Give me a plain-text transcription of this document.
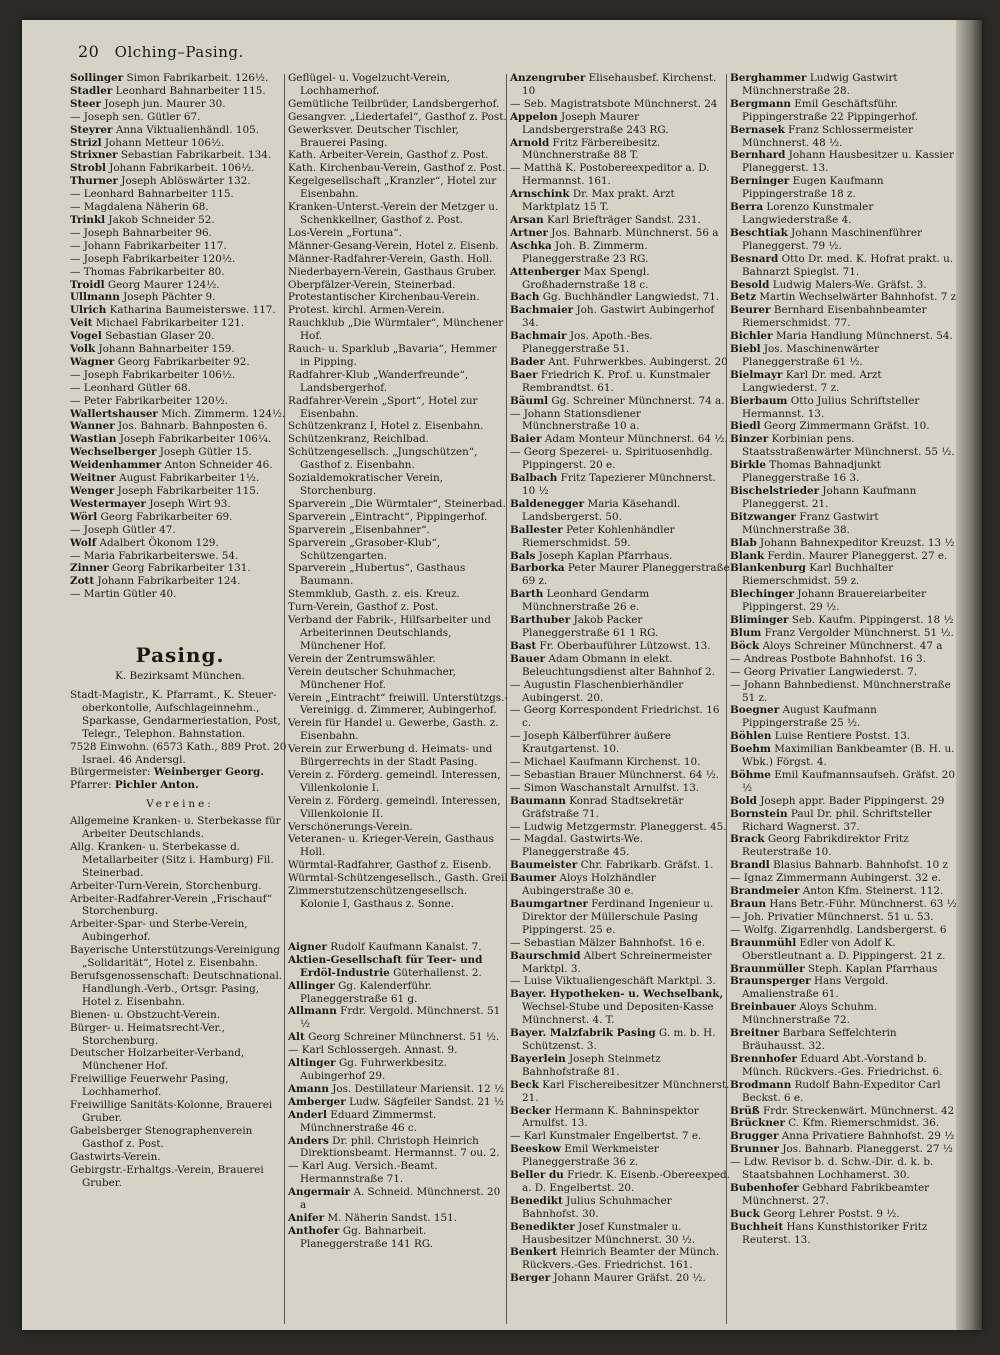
20 Olching–Pasing.

Sollinger Simon Fabrikarbeit. 126½.

Stadler Leonhard Bahnarbeiter 115.

Steer Joseph jun. Maurer 30.

— Joseph sen. Gütler 67.

Steyrer Anna Viktualienhändl. 105.

Strizl Johann Metteur 106½.

Strixner Sebastian Fabrikarbeit. 134.

Strobl Johann Fabrikarbeit. 106½.

Thurner Joseph Ablöswärter 132.

— Leonhard Bahnarbeiter 115.

— Magdalena Näherin 68.

Trinkl Jakob Schneider 52.

— Joseph Bahnarbeiter 96.

— Johann Fabrikarbeiter 117.

— Joseph Fabrikarbeiter 120½.

— Thomas Fabrikarbeiter 80.

Troidl Georg Maurer 124½.

Ullmann Joseph Pächter 9.

Ulrich Katharina Baumeisterswe. 117.

Veit Michael Fabrikarbeiter 121.

Vogel Sebastian Glaser 20.

Volk Johann Bahnarbeiter 159.

Wagner Georg Fabrikarbeiter 92.

— Joseph Fabrikarbeiter 106½.

— Leonhard Gütler 68.

— Peter Fabrikarbeiter 120½.

Wallertshauser Mich. Zimmerm. 124½.

Wanner Jos. Bahnarb. Bahnposten 6.

Wastian Joseph Fabrikarbeiter 106¼.

Wechselberger Joseph Gütler 15.

Weidenhammer Anton Schneider 46.

Weitner August Fabrikarbeiter 1½.

Wenger Joseph Fabrikarbeiter 115.

Westermayer Joseph Wirt 93.

Wörl Georg Fabrikarbeiter 69.

— Joseph Gütler 47.

Wolf Adalbert Ökonom 129.

— Maria Fabrikarbeiterswe. 54.

Zinner Georg Fabrikarbeiter 131.

Zott Johann Fabrikarbeiter 124.

— Martin Gütler 40.

Pasing.

K. Bezirksamt München.

Stadt-Magistr., K. Pfarramt., K. Steuer-oberkontolle, Aufschlageinnehm., Sparkasse, Gendarmeriestation, Post, Telegr., Telephon. Bahnstation.

7528 Einwohn. (6573 Kath., 889 Prot. 20 Israel. 46 Andersgl.

Bürgermeister: Weinberger Georg.

Pfarrer: Pichler Anton.

Vereine:

Allgemeine Kranken- u. Sterbekasse für Arbeiter Deutschlands.

Allg. Kranken- u. Sterbekasse d. Metallarbeiter (Sitz i. Hamburg) Fil. Steinerbad.

Arbeiter-Turn-Verein, Storchenburg.

Arbeiter-Radfahrer-Verein „Frischauf“ Storchenburg.

Arbeiter-Spar- und Sterbe-Verein, Aubingerhof.

Bayerische Unterstützungs-Vereinigung „Solidarität“, Hotel z. Eisenbahn.

Berufsgenossenschaft: Deutschnational. Handlungh.-Verb., Ortsgr. Pasing, Hotel z. Eisenbahn.

Bienen- u. Obstzucht-Verein.

Bürger- u. Heimatsrecht-Ver., Storchenburg.

Deutscher Holzarbeiter-Verband, Münchener Hof.

Freiwillige Feuerwehr Pasing, Lochhamerhof.

Freiwillige Sanitäts-Kolonne, Brauerei Gruber.

Gabelsberger Stenographenverein Gasthof z. Post.

Gastwirts-Verein.

Gebirgstr.-Erhaltgs.-Verein, Brauerei Gruber.

Geflügel- u. Vogelzucht-Verein, Lochhamerhof.

Gemütliche Teilbrüder, Landsbergerhof.

Gesangver. „Liedertafel“, Gasthof z. Post.

Gewerksver. Deutscher Tischler, Brauerei Pasing.

Kath. Arbeiter-Verein, Gasthof z. Post.

Kath. Kirchenbau-Verein, Gasthof z. Post.

Kegelgesellschaft „Kranzler“, Hotel zur Eisenbahn.

Kranken-Unterst.-Verein der Metzger u. Schenkkellner, Gasthof z. Post.

Los-Verein „Fortuna“.

Männer-Gesang-Verein, Hotel z. Eisenb.

Männer-Radfahrer-Verein, Gasth. Holl.

Niederbayern-Verein, Gasthaus Gruber.

Oberpfälzer-Verein, Steinerbad.

Protestantischer Kirchenbau-Verein.

Protest. kirchl. Armen-Verein.

Rauchklub „Die Würmtaler“, Münchener Hof.

Rauch- u. Sparklub „Bavaria“, Hemmer in Pipping.

Radfahrer-Klub „Wanderfreunde“, Landsbergerhof.

Radfahrer-Verein „Sport“, Hotel zur Eisenbahn.

Schützenkranz I, Hotel z. Eisenbahn.

Schützenkranz, Reichlbad.

Schützengesellsch. „Jungschützen“, Gasthof z. Eisenbahn.

Sozialdemokratischer Verein, Storchenburg.

Sparverein „Die Würmtaler“, Steinerbad.

Sparverein „Eintracht“, Pippingerhof.

Sparverein „Eisenbahner“.

Sparverein „Grasober-Klub“, Schützengarten.

Sparverein „Hubertus“, Gasthaus Baumann.

Stemmklub, Gasth. z. eis. Kreuz.

Turn-Verein, Gasthof z. Post.

Verband der Fabrik-, Hilfsarbeiter und Arbeiterinnen Deutschlands, Münchener Hof.

Verein der Zentrumswähler.

Verein deutscher Schuhmacher, Münchener Hof.

Verein „Eintracht“ freiwill. Unterstützgs.-Vereinigg. d. Zimmerer, Aubingerhof.

Verein für Handel u. Gewerbe, Gasth. z. Eisenbahn.

Verein zur Erwerbung d. Heimats- und Bürgerrechts in der Stadt Pasing.

Verein z. Förderg. gemeindl. Interessen, Villenkolonie I.

Verein z. Förderg. gemeindl. Interessen, Villenkolonie II.

Verschönerungs-Verein.

Veteranen- u. Krieger-Verein, Gasthaus Holl.

Würmtal-Radfahrer, Gasthof z. Eisenb.

Würmtal-Schützengesellsch., Gasth. Greil

Zimmerstutzenschützengesellsch. Kolonie I, Gasthaus z. Sonne.

Aigner Rudolf Kaufmann Kanalst. 7.

Aktien-Gesellschaft für Teer- und Erdöl-Industrie Güterhallenst. 2.

Allinger Gg. Kalenderführ. Planeggerstraße 61 g.

Allmann Frdr. Vergold. Münchnerst. 51 ½

Alt Georg Schreiner Münchnerst. 51 ½.

— Karl Schlossergeh. Annast. 9.

Altinger Gg. Fuhrwerkbesitz. Aubingerhof 29.

Amann Jos. Destillateur Mariensit. 12 ½

Amberger Ludw. Sägfeiler Sandst. 21 ½

Anderl Eduard Zimmermst. Münchnerstraße 46 c.

Anders Dr. phil. Christoph Heinrich Direktionsbeamt. Hermannst. 7 ou. 2.

— Karl Aug. Versich.-Beamt. Hermannstraße 71.

Angermair A. Schneid. Münchnerst. 20 a

Anifer M. Näherin Sandst. 151.

Anthofer Gg. Bahnarbeit. Planeggerstraße 141 RG.

Anzengruber Elisehausbef. Kirchenst. 10

— Seb. Magistratsbote Münchnerst. 24

Appelon Joseph Maurer Landsbergerstraße 243 RG.

Arnold Fritz Färbereibesitz. Münchnerstraße 88 T.

— Matthä K. Postobereexpeditor a. D. Hermannst. 161.

Arnschink Dr. Max prakt. Arzt Marktplatz 15 T.

Arsan Karl Briefträger Sandst. 231.

Artner Jos. Bahnarb. Münchnerst. 56 a

Aschka Joh. B. Zimmerm. Planeggerstraße 23 RG.

Attenberger Max Spengl. Großhadernstraße 18 c.

Bach Gg. Buchhändler Langwiedst. 71.

Bachmaier Joh. Gastwirt Aubingerhof 34.

Bachmair Jos. Apoth.-Bes. Planeggerstraße 51.

Bader Ant. Fuhrwerkbes. Aubingerst. 20

Baer Friedrich K. Prof. u. Kunstmaler Rembrandtst. 61.

Bäuml Gg. Schreiner Münchnerst. 74 a.

— Johann Stationsdiener Münchnerstraße 10 a.

Baier Adam Monteur Münchnerst. 64 ½.

— Georg Spezerei- u. Spirituosenhdlg. Pippingerst. 20 e.

Balbach Fritz Tapezierer Münchnerst. 10 ½

Baldenegger Maria Käsehandl. Landsbergerst. 50.

Ballester Peter Kohlenhändler Riemerschmidst. 59.

Bals Joseph Kaplan Pfarrhaus.

Barborka Peter Maurer Planeggerstraße 69 z.

Barth Leonhard Gendarm Münchnerstraße 26 e.

Barthuber Jakob Packer Planeggerstraße 61 1 RG.

Bast Fr. Oberbauführer Lützowst. 13.

Bauer Adam Obmann in elekt. Beleuchtungsdienst alter Bahnhof 2.

— Augustin Flaschenbierhändler Aubingerst. 20.

— Georg Korrespondent Friedrichst. 16 c.

— Joseph Kälberführer äußere Krautgartenst. 10.

— Michael Kaufmann Kirchenst. 10.

— Sebastian Brauer Münchnerst. 64 ½.

— Simon Waschanstalt Arnulfst. 13.

Baumann Konrad Stadtsekretär Gräfstraße 71.

— Ludwig Metzgermstr. Planeggerst. 45.

— Magdal. Gastwirts-We. Planeggerstraße 45.

Baumeister Chr. Fabrikarb. Gräfst. 1.

Baumer Aloys Holzhändler Aubingerstraße 30 e.

Baumgartner Ferdinand Ingenieur u. Direktor der Müllerschule Pasing Pippingerst. 25 e.

— Sebastian Mälzer Bahnhofst. 16 e.

Baurschmid Albert Schreinermeister Marktpl. 3.

— Luise Viktualiengeschäft Marktpl. 3.

Bayer. Hypotheken- u. Wechselbank, Wechsel-Stube und Depositen-Kasse Münchnerst. 4. T.

Bayer. Malzfabrik Pasing G. m. b. H. Schützenst. 3.

Bayerlein Joseph Steinmetz Bahnhofstraße 81.

Beck Karl Fischereibesitzer Münchnerst. 21.

Becker Hermann K. Bahninspektor Arnulfst. 13.

— Karl Kunstmaler Engelbertst. 7 e.

Beeskow Emil Werkmeister Planeggerstraße 36 z.

Beller du Friedr. K. Eisenb.-Obereexped. a. D. Engelbertst. 20.

Benedikt Julius Schuhmacher Bahnhofst. 30.

Benedikter Josef Kunstmaler u. Hausbesitzer Münchnerst. 30 ½.

Benkert Heinrich Beamter der Münch. Rückvers.-Ges. Friedrichst. 161.

Berger Johann Maurer Gräfst. 20 ½.

Berghammer Ludwig Gastwirt Münchnerstraße 28.

Bergmann Emil Geschäftsführ. Pippingerstraße 22 Pippingerhof.

Bernasek Franz Schlossermeister Münchnerst. 48 ½.

Bernhard Johann Hausbesitzer u. Kassier Planeggerst. 13.

Berninger Eugen Kaufmann Pippingerstraße 18 z.

Berra Lorenzo Kunstmaler Langwiederstraße 4.

Beschtiak Johann Maschinenführer Planeggerst. 79 ½.

Besnard Otto Dr. med. K. Hofrat prakt. u. Bahnarzt Spieglst. 71.

Besold Ludwig Malers-We. Gräfst. 3.

Betz Martin Wechselwärter Bahnhofst. 7 z

Beurer Bernhard Eisenbahnbeamter Riemerschmidst. 77.

Bichler Maria Handlung Münchnerst. 54.

Biebl Jos. Maschinenwärter Planeggerstraße 61 ½.

Bielmayr Karl Dr. med. Arzt Langwiederst. 7 z.

Bierbaum Otto Julius Schriftsteller Hermannst. 13.

Biedl Georg Zimmermann Gräfst. 10.

Binzer Korbinian pens. Staatsstraßenwärter Münchnerst. 55 ½.

Birkle Thomas Bahnadjunkt Planeggerstraße 16 3.

Bischelstrieder Johann Kaufmann Planeggerst. 21.

Bitzwanger Franz Gastwirt Münchnerstraße 38.

Blab Johann Bahnexpeditor Kreuzst. 13 ½

Blank Ferdin. Maurer Planeggerst. 27 e.

Blankenburg Karl Buchhalter Riemerschmidst. 59 z.

Blechinger Johann Brauereiarbeiter Pippingerst. 29 ½.

Bliminger Seb. Kaufm. Pippingerst. 18 ½

Blum Franz Vergolder Münchnerst. 51 ½.

Böck Aloys Schreiner Münchnerst. 47 a

— Andreas Postbote Bahnhofst. 16 3.

— Georg Privatier Langwiederst. 7.

— Johann Bahnbedienst. Münchnerstraße 51 z.

Boegner August Kaufmann Pippingerstraße 25 ½.

Böhlen Luise Rentiere Postst. 13.

Boehm Maximilian Bankbeamter (B. H. u. Wbk.) Förgst. 4.

Böhme Emil Kaufmannsaufseh. Gräfst. 20 ½

Bold Joseph appr. Bader Pippingerst. 29

Bornstein Paul Dr. phil. Schriftsteller Richard Wagnerst. 37.

Brack Georg Fabrikdirektor Fritz Reuterstraße 10.

Brandl Blasius Bahnarb. Bahnhofst. 10 z

— Ignaz Zimmermann Aubingerst. 32 e.

Brandmeier Anton Kfm. Steinerst. 112.

Braun Hans Betr.-Führ. Münchnerst. 63 ½

— Joh. Privatier Münchnerst. 51 u. 53.

— Wolfg. Zigarrenhdlg. Landsbergerst. 6

Braunmühl Edler von Adolf K. Oberstleutnant a. D. Pippingerst. 21 z.

Braunmüller Steph. Kaplan Pfarrhaus

Braunsperger Hans Vergold. Amalienstraße 61.

Breinbauer Aloys Schuhm. Münchnerstraße 72.

Breitner Barbara Seffelchterin Bräuhausst. 32.

Brennhofer Eduard Abt.-Vorstand b. Münch. Rückvers.-Ges. Friedrichst. 6.

Brodmann Rudolf Bahn-Expeditor Carl Beckst. 6 e.

Brüß Frdr. Streckenwärt. Münchnerst. 42

Brückner C. Kfm. Riemerschmidst. 36.

Brugger Anna Privatiere Bahnhofst. 29 ½

Brunner Jos. Bahnarb. Planeggerst. 27 ½

— Ldw. Revisor b. d. Schw.-Dir. d. k. b. Staatsbahnen Lochhamerst. 30.

Bubenhofer Gebhard Fabrikbeamter Münchnerst. 27.

Buck Georg Lehrer Postst. 9 ½.

Buchheit Hans Kunsthistoriker Fritz Reuterst. 13.
